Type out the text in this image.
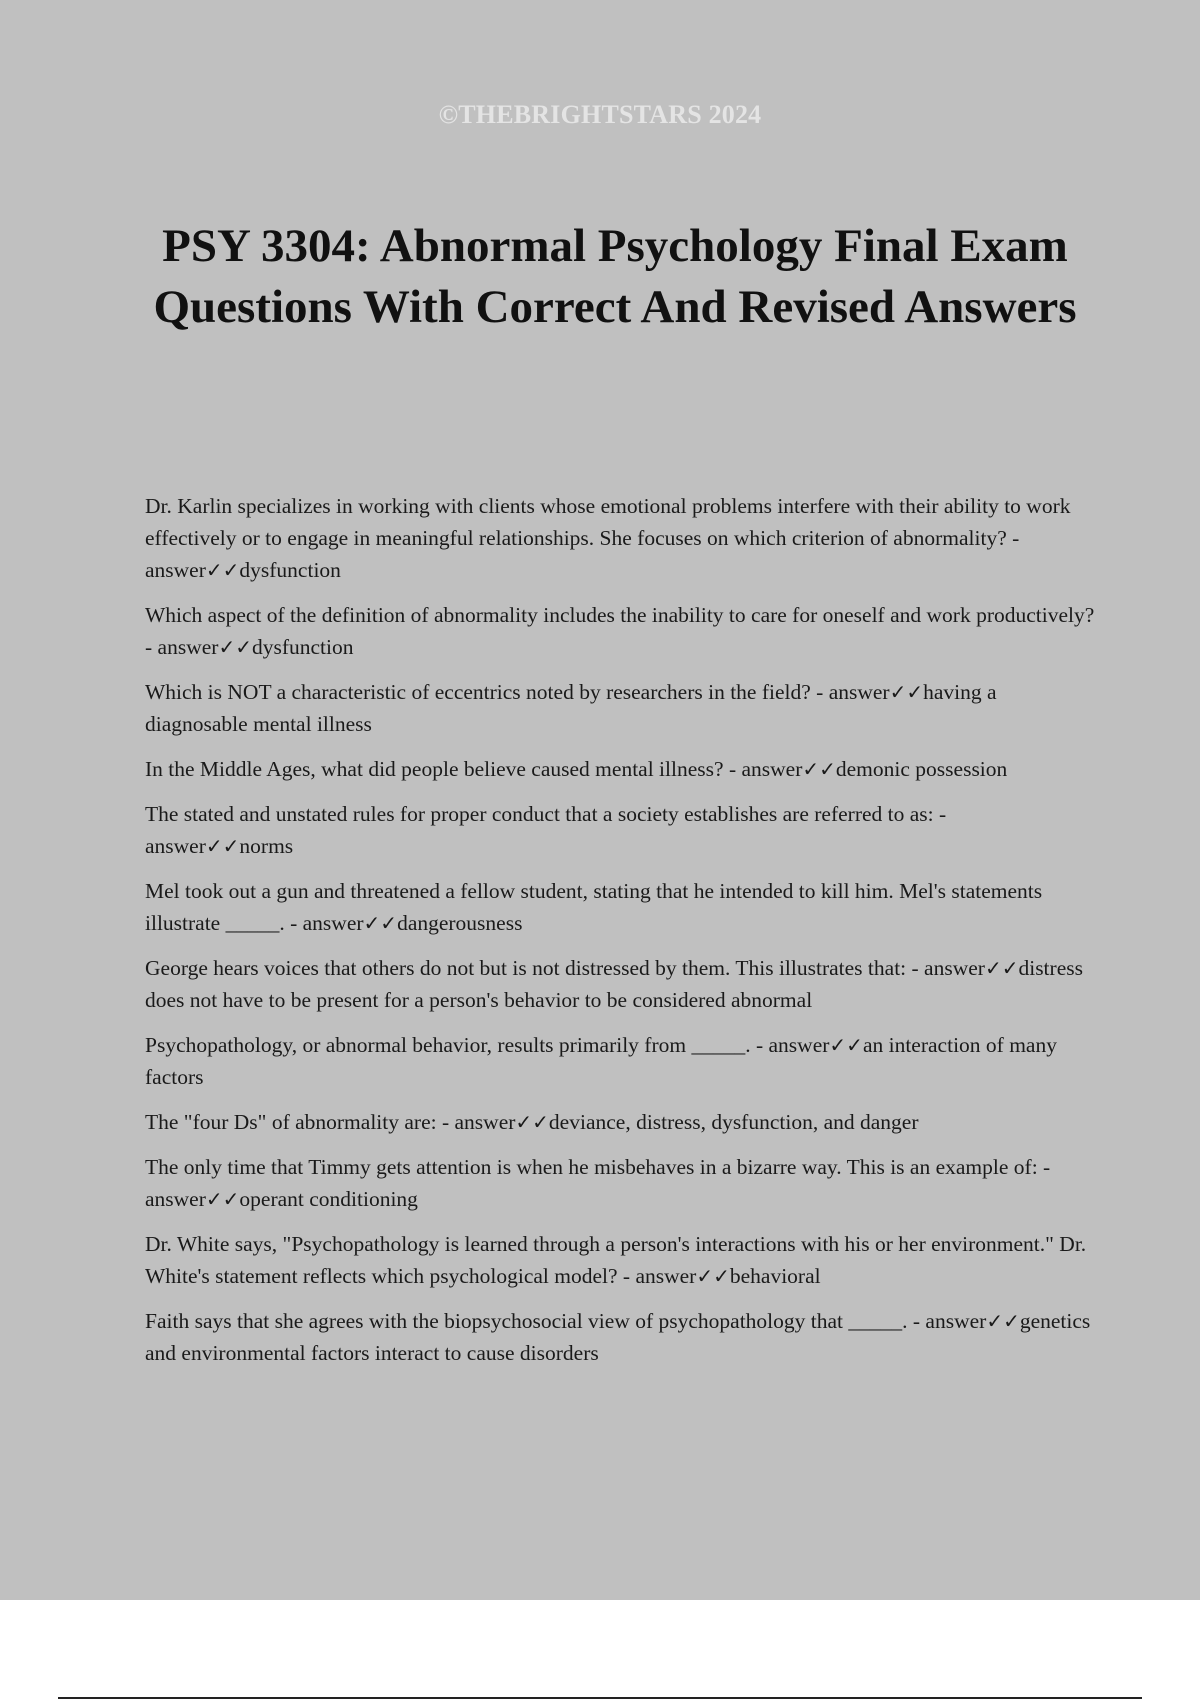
©THEBRIGHTSTARS 2024
PSY 3304: Abnormal Psychology Final Exam Questions With Correct And Revised Answers
Dr. Karlin specializes in working with clients whose emotional problems interfere with their ability to work effectively or to engage in meaningful relationships. She focuses on which criterion of abnormality? - answer✓✓dysfunction
Which aspect of the definition of abnormality includes the inability to care for oneself and work productively? - answer✓✓dysfunction
Which is NOT a characteristic of eccentrics noted by researchers in the field? - answer✓✓having a diagnosable mental illness
In the Middle Ages, what did people believe caused mental illness? - answer✓✓demonic possession
The stated and unstated rules for proper conduct that a society establishes are referred to as: - answer✓✓norms
Mel took out a gun and threatened a fellow student, stating that he intended to kill him. Mel's statements illustrate _____. - answer✓✓dangerousness
George hears voices that others do not but is not distressed by them. This illustrates that: - answer✓✓distress does not have to be present for a person's behavior to be considered abnormal
Psychopathology, or abnormal behavior, results primarily from _____. - answer✓✓an interaction of many factors
The "four Ds" of abnormality are: - answer✓✓deviance, distress, dysfunction, and danger
The only time that Timmy gets attention is when he misbehaves in a bizarre way. This is an example of: - answer✓✓operant conditioning
Dr. White says, "Psychopathology is learned through a person's interactions with his or her environment." Dr. White's statement reflects which psychological model? - answer✓✓behavioral
Faith says that she agrees with the biopsychosocial view of psychopathology that _____. - answer✓✓genetics and environmental factors interact to cause disorders
